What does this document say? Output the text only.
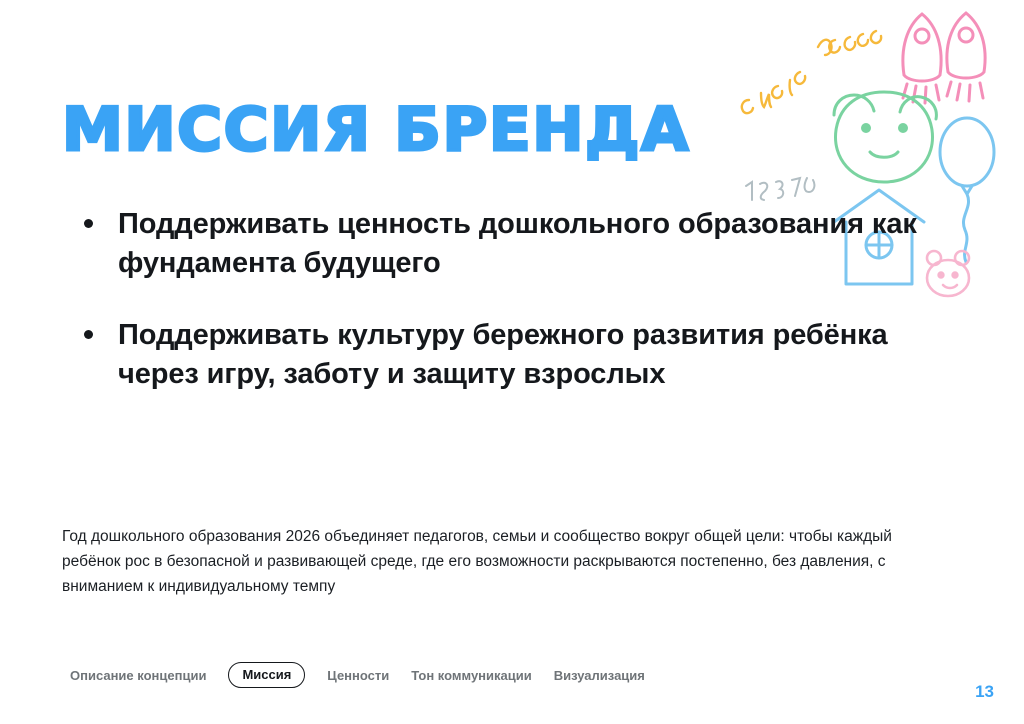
МИССИЯ БРЕНДА
Поддерживать ценность дошкольного образования как фундамента будущего
Поддерживать культуру бережного развития ребёнка через игру, заботу и защиту взрослых

Год дошкольного образования 2026 объединяет педагогов, семьи и сообщество вокруг общей цели: чтобы каждый ребёнок рос в безопасной и развивающей среде, где его возможности раскрываются постепенно, без давления, с вниманием к индивидуальному темпу

Описание концепции	Миссия	Ценности Тон коммуникации Визуализация
13
